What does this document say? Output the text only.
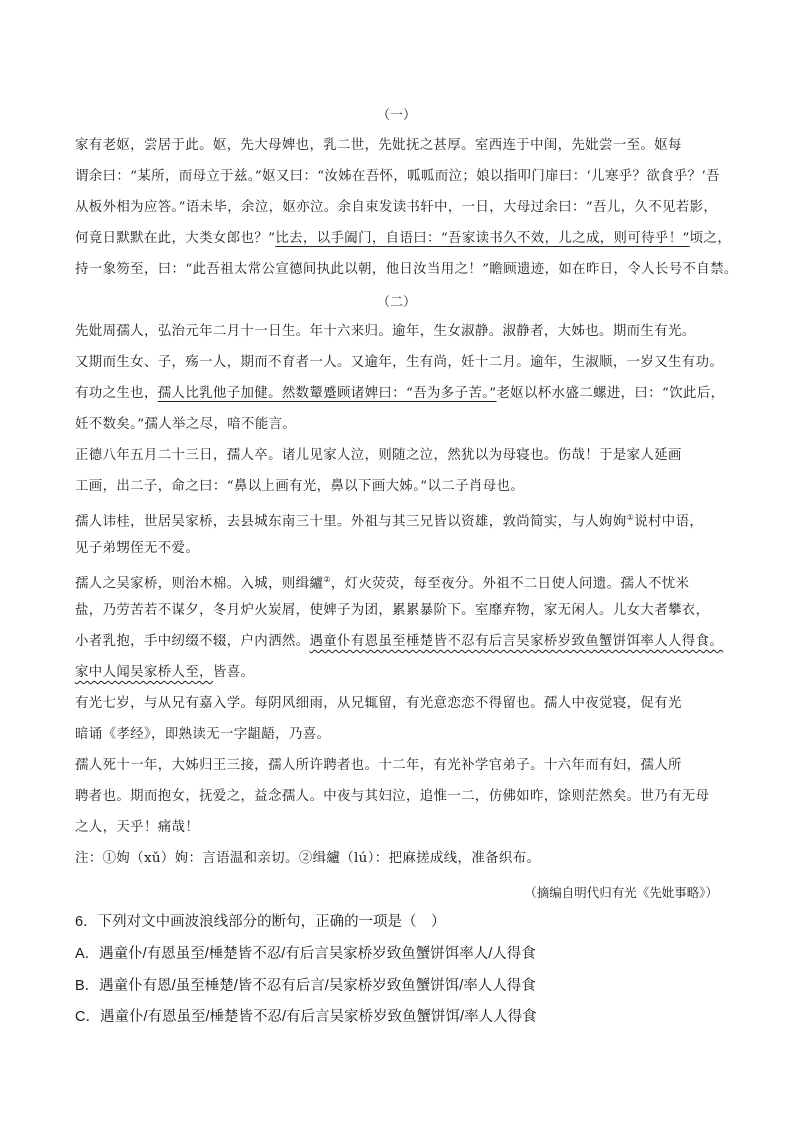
（一）
家有老妪，尝居于此。妪，先大母婢也，乳二世，先妣抚之甚厚。室西连于中闺，先妣尝一至。妪每
谓余曰：“某所，而母立于兹。”妪又曰：“汝姊在吾怀，呱呱而泣；娘以指叩门扉曰：‘儿寒乎？欲食乎？’吾
从板外相为应答。”语未毕，余泣，妪亦泣。余自束发读书轩中，一日，大母过余曰：“吾儿，久不见若影，
何竟日默默在此，大类女郎也？”比去，以手阖门，自语曰：“吾家读书久不效，儿之成，则可待乎！”顷之，
持一象笏至，曰：“此吾祖太常公宣德间执此以朝，他日汝当用之！”瞻顾遗迹，如在昨日，令人长号不自禁。
（二）
先妣周孺人，弘治元年二月十一日生。年十六来归。逾年，生女淑静。淑静者，大姊也。期而生有光。
又期而生女、子，殇一人，期而不育者一人。又逾年，生有尚，妊十二月。逾年，生淑顺，一岁又生有功。
有功之生也，孺人比乳他子加健。然数颦蹙顾诸婢曰：“吾为多子苦。”老妪以杯水盛二螺进，曰：“饮此后，
妊不数矣。”孺人举之尽，喑不能言。
正德八年五月二十三日，孺人卒。诸儿见家人泣，则随之泣，然犹以为母寝也。伤哉！于是家人延画
工画，出二子，命之曰：“鼻以上画有光，鼻以下画大姊。”以二子肖母也。
孺人讳桂，世居吴家桥，去县城东南三十里。外祖与其三兄皆以资雄，敦尚简实，与人姁姁①说村中语，
见子弟甥侄无不爱。
孺人之吴家桥，则治木棉。入城，则缉纑②，灯火荧荧，每至夜分。外祖不二日使人问遗。孺人不忧米
盐，乃劳苦若不谋夕，冬月炉火炭屑，使婢子为团，累累暴阶下。室靡弃物，家无闲人。儿女大者攀衣，
小者乳抱，手中纫缀不辍，户内洒然。遇童仆有恩虽至棰楚皆不忍有后言吴家桥岁致鱼蟹饼饵率人人得食。
家中人闻吴家桥人至，皆喜。
有光七岁，与从兄有嘉入学。每阴风细雨，从兄辄留，有光意恋恋不得留也。孺人中夜觉寝，促有光
暗诵《孝经》，即熟读无一字龃龉，乃喜。
孺人死十一年，大姊归王三接，孺人所许聘者也。十二年，有光补学官弟子。十六年而有妇，孺人所
聘者也。期而抱女，抚爱之，益念孺人。中夜与其妇泣，追惟一二，仿佛如昨，馀则茫然矣。世乃有无母
之人，天乎！痛哉！
注：①姁（xǔ）姁：言语温和亲切。②缉纑（lú）：把麻搓成线，准备织布。
（摘编自明代归有光《先妣事略》）
6．下列对文中画波浪线部分的断句，正确的一项是（　）
A．遇童仆/有恩虽至/棰楚皆不忍/有后言吴家桥岁致鱼蟹饼饵率人/人得食
B．遇童仆有恩/虽至棰楚/皆不忍有后言/吴家桥岁致鱼蟹饼饵/率人人得食
C．遇童仆/有恩虽至/棰楚皆不忍/有后言吴家桥岁致鱼蟹饼饵/率人人得食
